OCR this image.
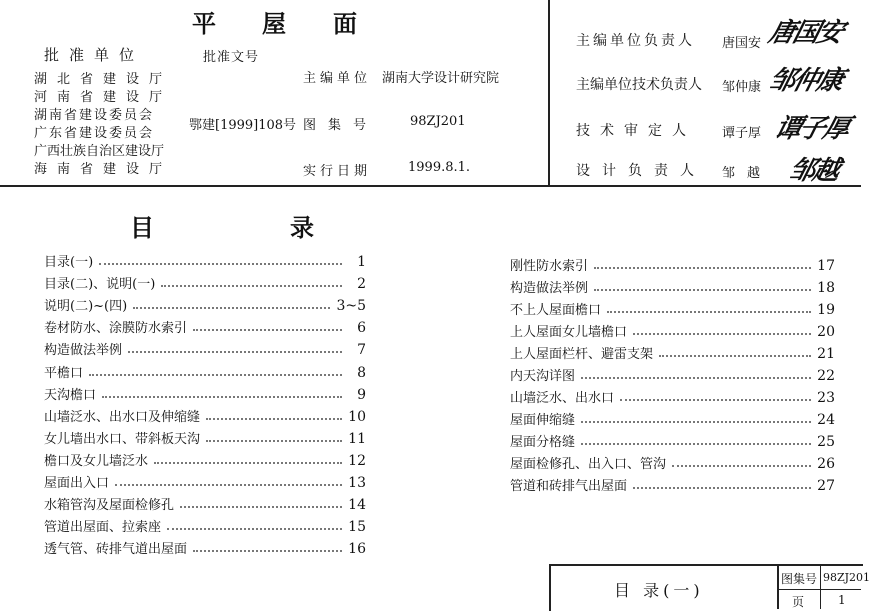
平 屋 面
批准单位	批准文号
湖北省建设厅
河南省建设厅
湖南省建设委员会
广东省建设委员会
广西壮族自治区建设厅
海南省建设厅
鄂建[1999]108号
主编单位 湖南大学设计研究院
图集号 98ZJ201
实行日期	1999.8.1.
主编单位负责人 唐国安 唐国安
主编单位技术负责人 邹仲康 邹仲康
技术审定人 谭子厚 谭子厚
设计负责人 邹越 邹越
目	录
目录(一)	1
目录(二)、说明(一)	2
说明(二)~(四)	3~5
卷材防水、涂膜防水索引	6
构造做法举例	7
平檐口	8
天沟檐口	9
山墙泛水、出水口及伸缩缝	10
女儿墙出水口、带斜板天沟	11
檐口及女儿墙泛水	12
屋面出入口	13
水箱管沟及屋面检修孔	14
管道出屋面、拉索座	15
透气管、砖排气道出屋面	16
刚性防水索引	17
构造做法举例	18
不上人屋面檐口	19
上人屋面女儿墙檐口	20
上人屋面栏杆、避雷支架	21
内天沟详图	22
山墙泛水、出水口	23
屋面伸缩缝	24
屋面分格缝	25
屋面检修孔、出入口、管沟	26
管道和砖排气出屋面	27
目 录(一)
图集号 98ZJ201
页	1
